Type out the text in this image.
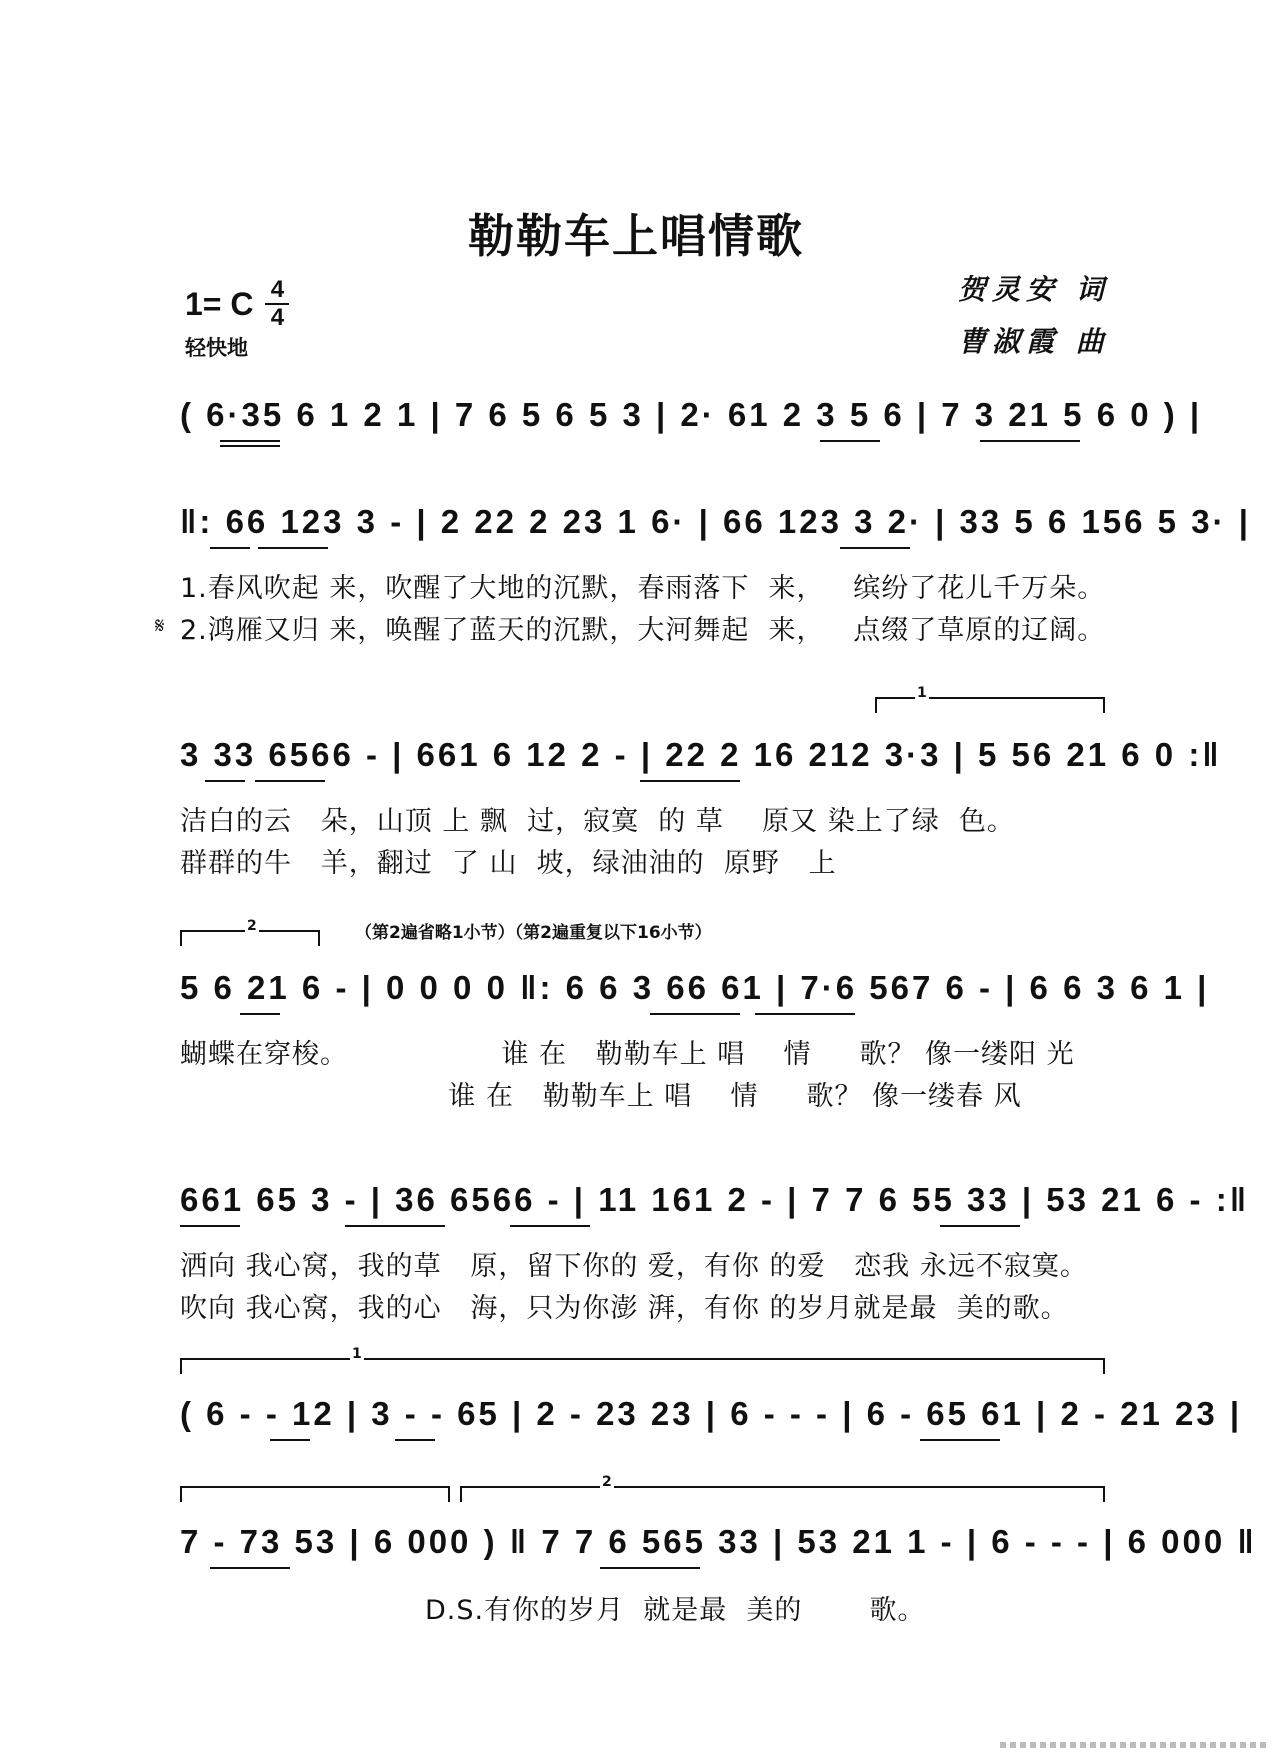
勒勒车上唱情歌
1= C 4
4
轻快地
贺灵安 词
曹淑霞 曲
( 6·35 6 1 2 1 | 7 6 5 6 5 3 | 2· 61 2 3 5 6 | 7 3 21 5 6 0 ) |
‖: 66 123 3 - | 2 22 2 23 1 6· | 66 123 3 2· | 33 5 6 156 5 3· |
1.春风吹起 来，吹醒了大地的沉默，春雨落下  来，   缤纷了花儿千万朵。
𝄋 2.鸿雁又归 来，唤醒了蓝天的沉默，大河舞起  来，   点缀了草原的辽阔。
1
3 33 6566 - | 661 6 12 2 - | 22 2 16 212 3·3 | 5 56 21 6 0 :‖
洁白的云   朵，山顶 上 飘  过，寂寞  的 草    原又 染上了绿  色。
群群的牛   羊，翻过  了 山  坡，绿油油的  原野   上
2	（第2遍省略1小节）（第2遍重复以下16小节）
5 6 21 6 - | 0 0 0 0 ‖: 6 6 3 66 61 | 7·6 567 6 - | 6 6 3 6 1 |
蝴蝶在穿梭。                谁 在   勒勒车上 唱    情     歌？ 像一缕阳 光
谁 在   勒勒车上 唱    情     歌？ 像一缕春 风
661 65 3 - | 36 6566 - | 11 161 2 - | 7 7 6 55 33 | 53 21 6 - :‖
洒向 我心窝，我的草   原，留下你的 爱，有你 的爱   恋我 永远不寂寞。
吹向 我心窝，我的心   海，只为你澎 湃，有你 的岁月就是最  美的歌。
1
( 6 - - 12 | 3 - - 65 | 2 - 23 23 | 6 - - - | 6 - 65 61 | 2 - 21 23 |
2
7 - 73 53 | 6 000 ) ‖ 7 7 6 565 33 | 53 21 1 - | 6 - - - | 6 000 ‖
D.S.有你的岁月  就是最  美的       歌。
